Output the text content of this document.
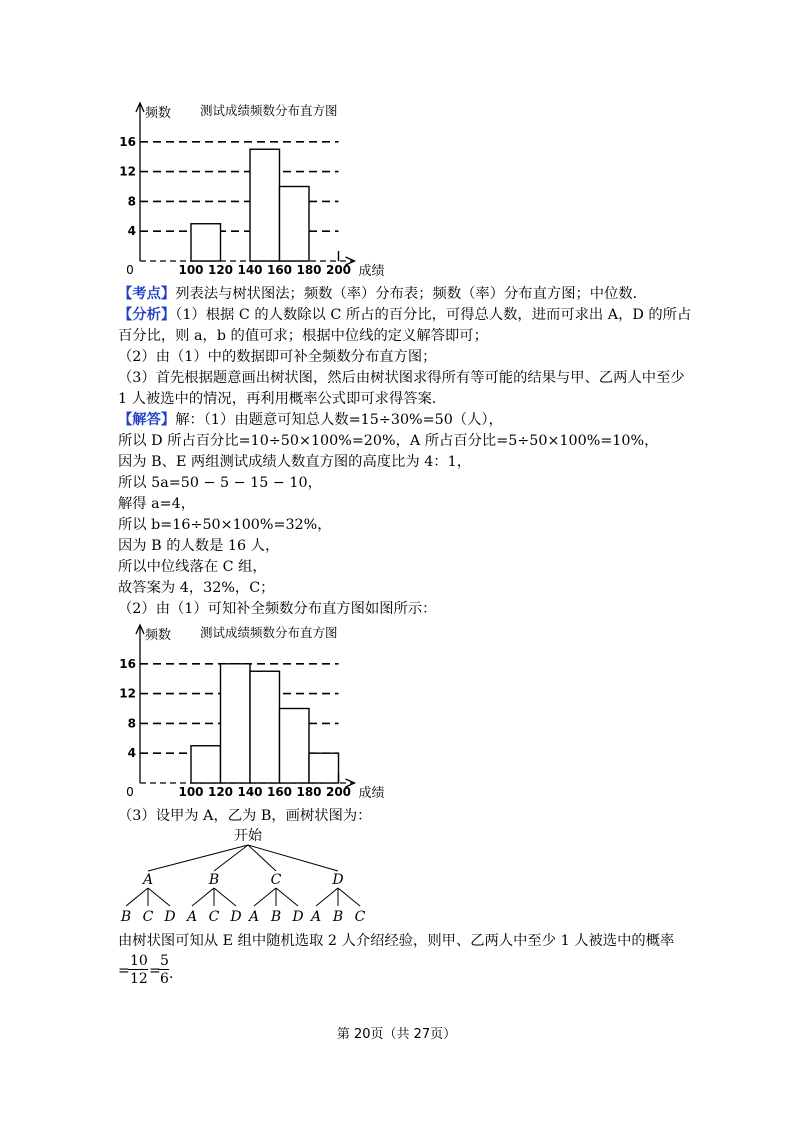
4
8
12
16
100 120 140 160 180 200
0	成绩
频数 测试成绩频数分布直方图
【考点】列表法与树状图法；频数（率）分布表；频数（率）分布直方图；中位数．
【分析】（1）根据 C 的人数除以 C 所占的百分比，可得总人数，进而可求出 A，D 的所占
百分比，则 a，b 的值可求；根据中位线的定义解答即可；
（2）由（1）中的数据即可补全频数分布直方图；
（3）首先根据题意画出树状图，然后由树状图求得所有等可能的结果与甲、乙两人中至少
1 人被选中的情况，再利用概率公式即可求得答案．
【解答】解：（1）由题意可知总人数=15÷30%=50（人），
所以 D 所占百分比=10÷50×100%=20%，A 所占百分比=5÷50×100%=10%，
因为 B、E 两组测试成绩人数直方图的高度比为 4：1，
所以 5a=50 − 5 − 15 − 10，
解得 a=4，
所以 b=16÷50×100%=32%，
因为 B 的人数是 16 人，
所以中位线落在 C 组，
故答案为 4，32%，C；
（2）由（1）可知补全频数分布直方图如图所示：
4
8
12
16
100 120 140 160 180 200
0	成绩
频数 测试成绩频数分布直方图
（3）设甲为 A，乙为 B，画树状图为：
开始
A
B C D
B
A C D
C
A B D
D
A B C
由树状图可知从 E 组中随机选取 2 人介绍经验，则甲、乙两人中至少 1 人被选中的概率
=
10
12 =
5
6 ．
第 20页（共 27页）
